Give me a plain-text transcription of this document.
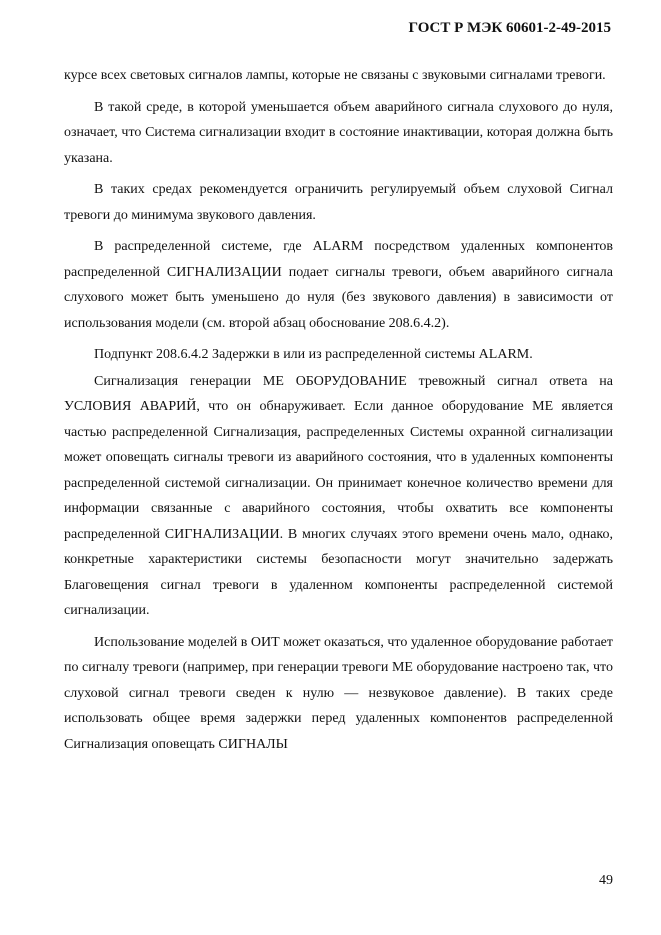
ГОСТ Р МЭК 60601-2-49-2015

курсе всех световых сигналов лампы, которые не связаны с звуковыми сигналами тревоги.

В такой среде, в которой уменьшается объем аварийного сигнала слухового до нуля, означает, что Система сигнализации входит в состояние инактивации, которая должна быть указана.

В таких средах рекомендуется ограничить регулируемый объем слуховой Сигнал тревоги до минимума звукового давления.

В распределенной системе, где ALARM посредством удаленных компонентов распределенной СИГНАЛИЗАЦИИ подает сигналы тревоги, объем аварийного сигнала слухового может быть уменьшено до нуля (без звукового давления) в зависимости от использования модели (см. второй абзац обоснование 208.6.4.2).

Подпункт 208.6.4.2 Задержки в или из распределенной системы ALARM.

Сигнализация генерации МЕ ОБОРУДОВАНИЕ тревожный сигнал ответа на УСЛОВИЯ АВАРИЙ, что он обнаруживает. Если данное оборудование МЕ является частью распределенной Сигнализация, распределенных Системы охранной сигнализации может оповещать сигналы тревоги из аварийного состояния, что в удаленных компоненты распределенной системой сигнализации. Он принимает конечное количество времени для информации связанные с аварийного состояния, чтобы охватить все компоненты распределенной СИГНАЛИЗАЦИИ. В многих случаях этого времени очень мало, однако, конкретные характеристики системы безопасности могут значительно задержать Благовещения сигнал тревоги в удаленном компоненты распределенной системой сигнализации.

Использование моделей в ОИТ может оказаться, что удаленное оборудование работает по сигналу тревоги (например, при генерации тревоги МЕ оборудование настроено так, что слуховой сигнал тревоги сведен к нулю — незвуковое давление). В таких среде использовать общее время задержки перед удаленных компонентов распределенной Сигнализация оповещать СИГНАЛЫ

49
